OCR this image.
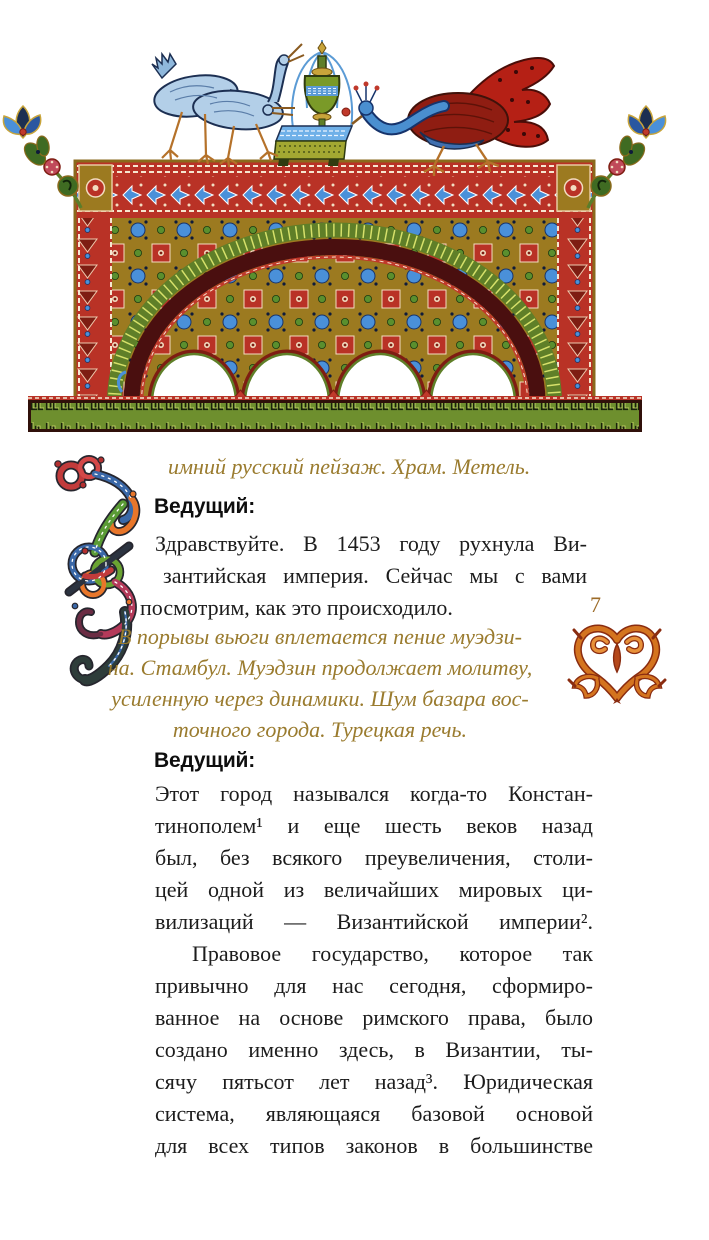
имний русский пейзаж. Храм. Метель.
Ведущий:
Здравствуйте. В 1453 году рухнула Ви-
зантийская империя. Сейчас мы с вами
посмотрим, как это происходило.	7
В порывы вьюги вплетается пение муэдзи-
на. Стамбул. Муэдзин продолжает молитву,
усиленную через динамики. Шум базара вос-
точного города. Турецкая речь.
Ведущий:
Этот город назывался когда-то Констан-
тинополем¹ и еще шесть веков назад
был, без всякого преувеличения, столи-
цей одной из величайших мировых ци-
вилизаций — Византийской империи².
Правовое государство, которое так
привычно для нас сегодня, сформиро-
ванное на основе римского права, было
создано именно здесь, в Византии, ты-
сячу пятьсот лет назад³. Юридическая
система, являющаяся базовой основой
для всех типов законов в большинстве
